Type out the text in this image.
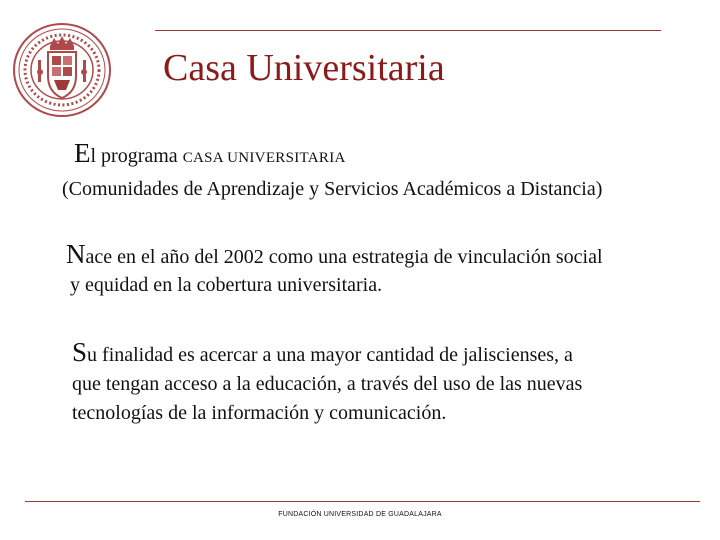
Casa Universitaria
El programa CASA UNIVERSITARIA
(Comunidades de Aprendizaje y Servicios Académicos a Distancia)
Nace en el año del 2002 como una estrategia de vinculación social
y equidad en la cobertura universitaria.
Su finalidad es acercar a una mayor cantidad de jaliscienses, a
que tengan acceso a la educación, a través del uso de las nuevas
tecnologías de la información y comunicación.
FUNDACIÓN UNIVERSIDAD DE GUADALAJARA
